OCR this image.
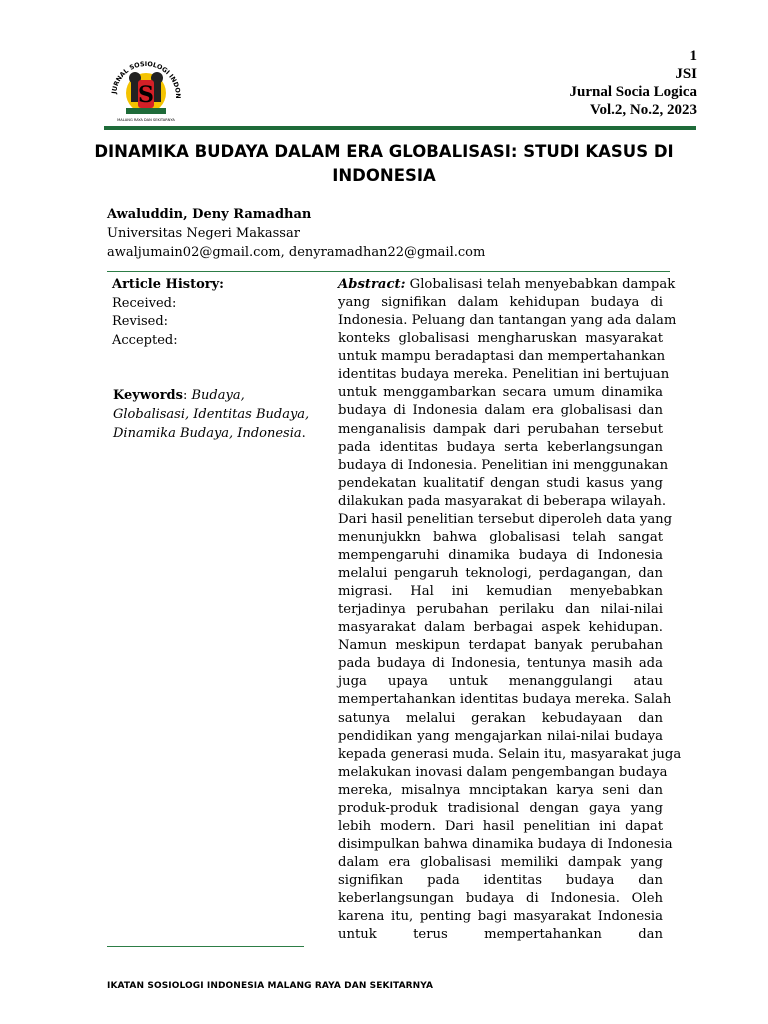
JURNAL SOSIOLOGI INDON
S
MALANG RAYA DAN SEKITARNYA
1
JSI
Jurnal Socia Logica
Vol.2, No.2, 2023
DINAMIKA BUDAYA DALAM ERA GLOBALISASI: STUDI KASUS DI INDONESIA
Awaluddin, Deny Ramadhan
Universitas Negeri Makassar
awaljumain02@gmail.com, denyramadhan22@gmail.com
Article History:
Received:
Revised:
Accepted:
Keywords: Budaya, Globalisasi, Identitas Budaya, Dinamika Budaya, Indonesia.
Abstract: Globalisasi telah menyebabkan dampak
yang signifikan dalam kehidupan budaya di
Indonesia. Peluang dan tantangan yang ada dalam
konteks globalisasi mengharuskan masyarakat
untuk mampu beradaptasi dan mempertahankan
identitas budaya mereka. Penelitian ini bertujuan
untuk menggambarkan secara umum dinamika
budaya di Indonesia dalam era globalisasi dan
menganalisis dampak dari perubahan tersebut
pada identitas budaya serta keberlangsungan
budaya di Indonesia. Penelitian ini menggunakan
pendekatan kualitatif dengan studi kasus yang
dilakukan pada masyarakat di beberapa wilayah.
Dari hasil penelitian tersebut diperoleh data yang
menunjukkn bahwa globalisasi telah sangat
mempengaruhi dinamika budaya di Indonesia
melalui pengaruh teknologi, perdagangan, dan
migrasi. Hal ini kemudian menyebabkan
terjadinya perubahan perilaku dan nilai-nilai
masyarakat dalam berbagai aspek kehidupan.
Namun meskipun terdapat banyak perubahan
pada budaya di Indonesia, tentunya masih ada
juga upaya untuk menanggulangi atau
mempertahankan identitas budaya mereka. Salah
satunya melalui gerakan kebudayaan dan
pendidikan yang mengajarkan nilai-nilai budaya
kepada generasi muda. Selain itu, masyarakat juga
melakukan inovasi dalam pengembangan budaya
mereka, misalnya mnciptakan karya seni dan
produk-produk tradisional dengan gaya yang
lebih modern. Dari hasil penelitian ini dapat
disimpulkan bahwa dinamika budaya di Indonesia
dalam era globalisasi memiliki dampak yang
signifikan pada identitas budaya dan
keberlangsungan budaya di Indonesia. Oleh
karena itu, penting bagi masyarakat Indonesia
untuk terus mempertahankan dan
IKATAN SOSIOLOGI INDONESIA MALANG RAYA DAN SEKITARNYA
